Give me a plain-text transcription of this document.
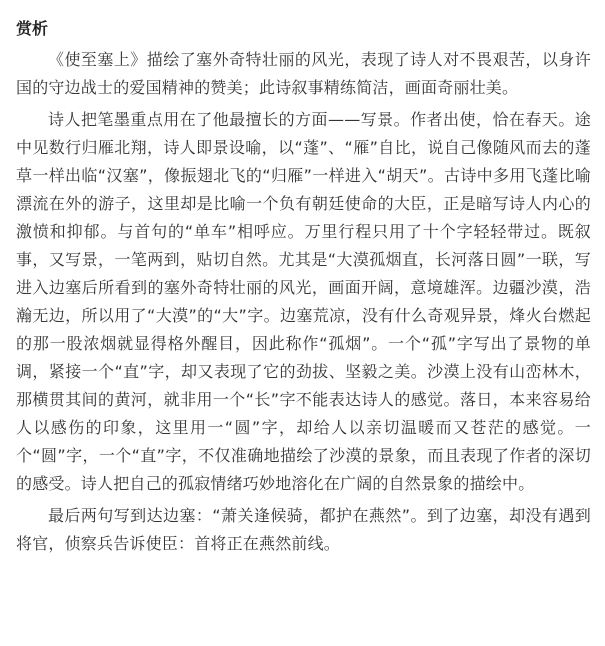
赏析

《使至塞上》描绘了塞外奇特壮丽的风光，表现了诗人对不畏艰苦，以身许国的守边战士的爱国精神的赞美；此诗叙事精练简洁，画面奇丽壮美。

诗人把笔墨重点用在了他最擅长的方面——写景。作者出使，恰在春天。途中见数行归雁北翔，诗人即景设喻，以“蓬”、“雁”自比，说自己像随风而去的蓬草一样出临“汉塞”，像振翅北飞的“归雁”一样进入“胡天”。古诗中多用飞蓬比喻漂流在外的游子，这里却是比喻一个负有朝廷使命的大臣，正是暗写诗人内心的激愤和抑郁。与首句的“单车”相呼应。万里行程只用了十个字轻轻带过。既叙事，又写景，一笔两到，贴切自然。尤其是“大漠孤烟直，长河落日圆”一联，写进入边塞后所看到的塞外奇特壮丽的风光，画面开阔，意境雄浑。边疆沙漠，浩瀚无边，所以用了“大漠”的“大”字。边塞荒凉，没有什么奇观异景，烽火台燃起的那一股浓烟就显得格外醒目，因此称作“孤烟”。一个“孤”字写出了景物的单调，紧接一个“直”字，却又表现了它的劲拔、坚毅之美。沙漠上没有山峦林木，那横贯其间的黄河，就非用一个“长”字不能表达诗人的感觉。落日，本来容易给人以感伤的印象，这里用一“圆”字，却给人以亲切温暖而又苍茫的感觉。一个“圆”字，一个“直”字，不仅准确地描绘了沙漠的景象，而且表现了作者的深切的感受。诗人把自己的孤寂情绪巧妙地溶化在广阔的自然景象的描绘中。

最后两句写到达边塞：“萧关逢候骑，都护在燕然”。到了边塞，却没有遇到将官，侦察兵告诉使臣：首将正在燕然前线。
